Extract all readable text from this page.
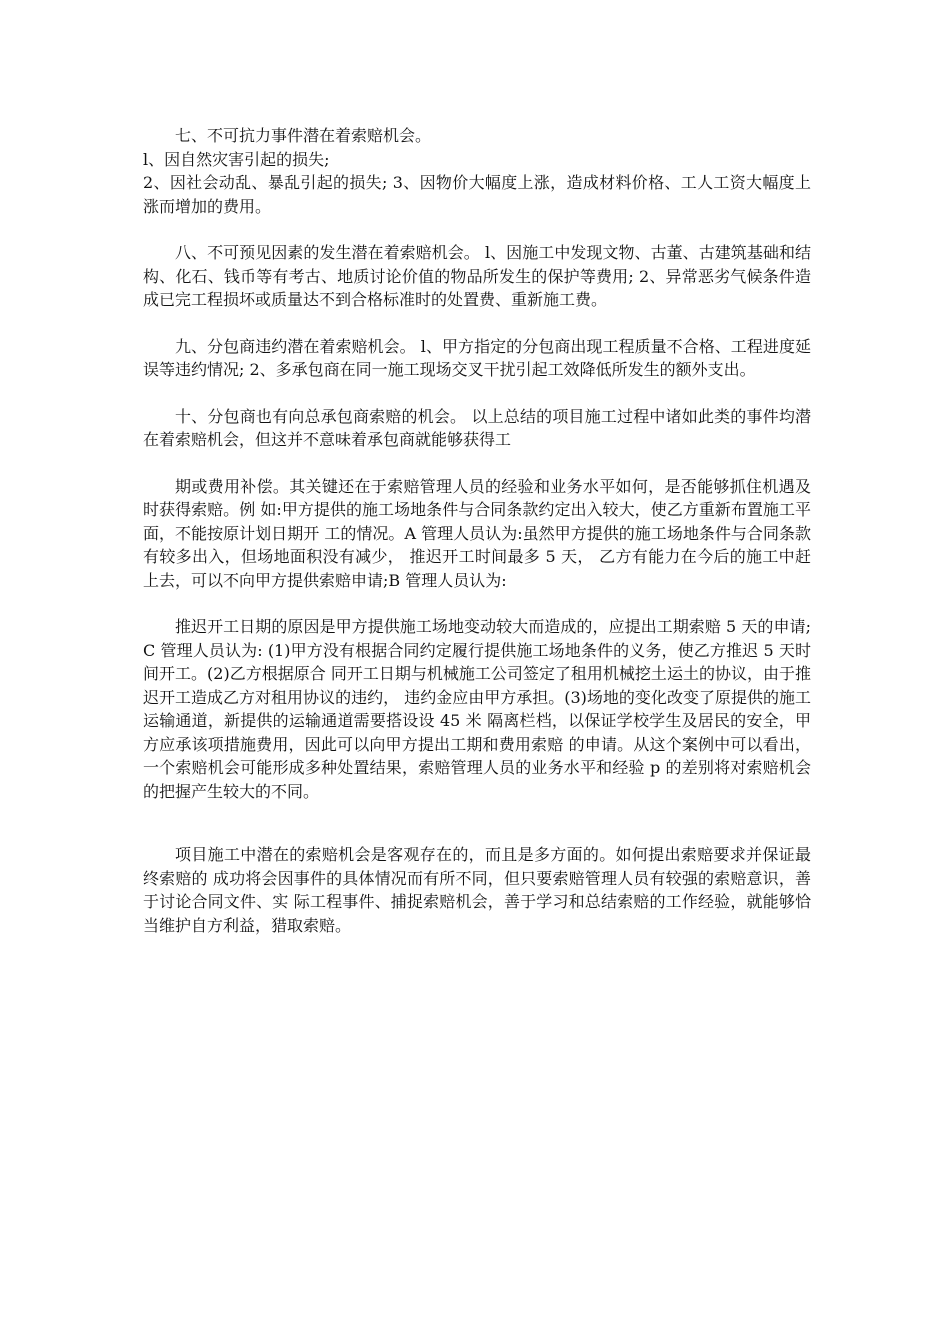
七、不可抗力事件潜在着索赔机会。

l、因自然灾害引起的损失;

2、因社会动乱、暴乱引起的损失; 3、因物价大幅度上涨，造成材料价格、工人工资大幅度上涨而增加的费用。

八、不可预见因素的发生潜在着索赔机会。 l、因施工中发现文物、古董、古建筑基础和结构、化石、钱币等有考古、地质讨论价值的物品所发生的保护等费用; 2、异常恶劣气候条件造成已完工程损坏或质量达不到合格标准时的处置费、重新施工费。

九、分包商违约潜在着索赔机会。 l、甲方指定的分包商出现工程质量不合格、工程进度延误等违约情况; 2、多承包商在同一施工现场交叉干扰引起工效降低所发生的额外支出。

十、分包商也有向总承包商索赔的机会。 以上总结的项目施工过程中诸如此类的事件均潜在着索赔机会，但这并不意味着承包商就能够获得工

期或费用补偿。其关键还在于索赔管理人员的经验和业务水平如何，是否能够抓住机遇及时获得索赔。例 如:甲方提供的施工场地条件与合同条款约定出入较大，使乙方重新布置施工平面，不能按原计划日期开 工的情况。A 管理人员认为:虽然甲方提供的施工场地条件与合同条款有较多出入，但场地面积没有减少， 推迟开工时间最多 5 天， 乙方有能力在今后的施工中赶上去，可以不向甲方提供索赔申请;B 管理人员认为:

推迟开工日期的原因是甲方提供施工场地变动较大而造成的，应提出工期索赔 5 天的申请;C 管理人员认为: (1)甲方没有根据合同约定履行提供施工场地条件的义务，使乙方推迟 5 天时间开工。(2)乙方根据原合 同开工日期与机械施工公司签定了租用机械挖土运土的协议，由于推迟开工造成乙方对租用协议的违约， 违约金应由甲方承担。(3)场地的变化改变了原提供的施工运输通道，新提供的运输通道需要搭设设 45 米 隔离栏档，以保证学校学生及居民的安全，甲方应承该项措施费用，因此可以向甲方提出工期和费用索赔 的申请。从这个案例中可以看出，一个索赔机会可能形成多种处置结果，索赔管理人员的业务水平和经验 p 的差别将对索赔机会的把握产生较大的不同。

项目施工中潜在的索赔机会是客观存在的，而且是多方面的。如何提出索赔要求并保证最终索赔的 成功将会因事件的具体情况而有所不同，但只要索赔管理人员有较强的索赔意识，善于讨论合同文件、实 际工程事件、捕捉索赔机会，善于学习和总结索赔的工作经验，就能够恰当维护自方利益，猎取索赔。
